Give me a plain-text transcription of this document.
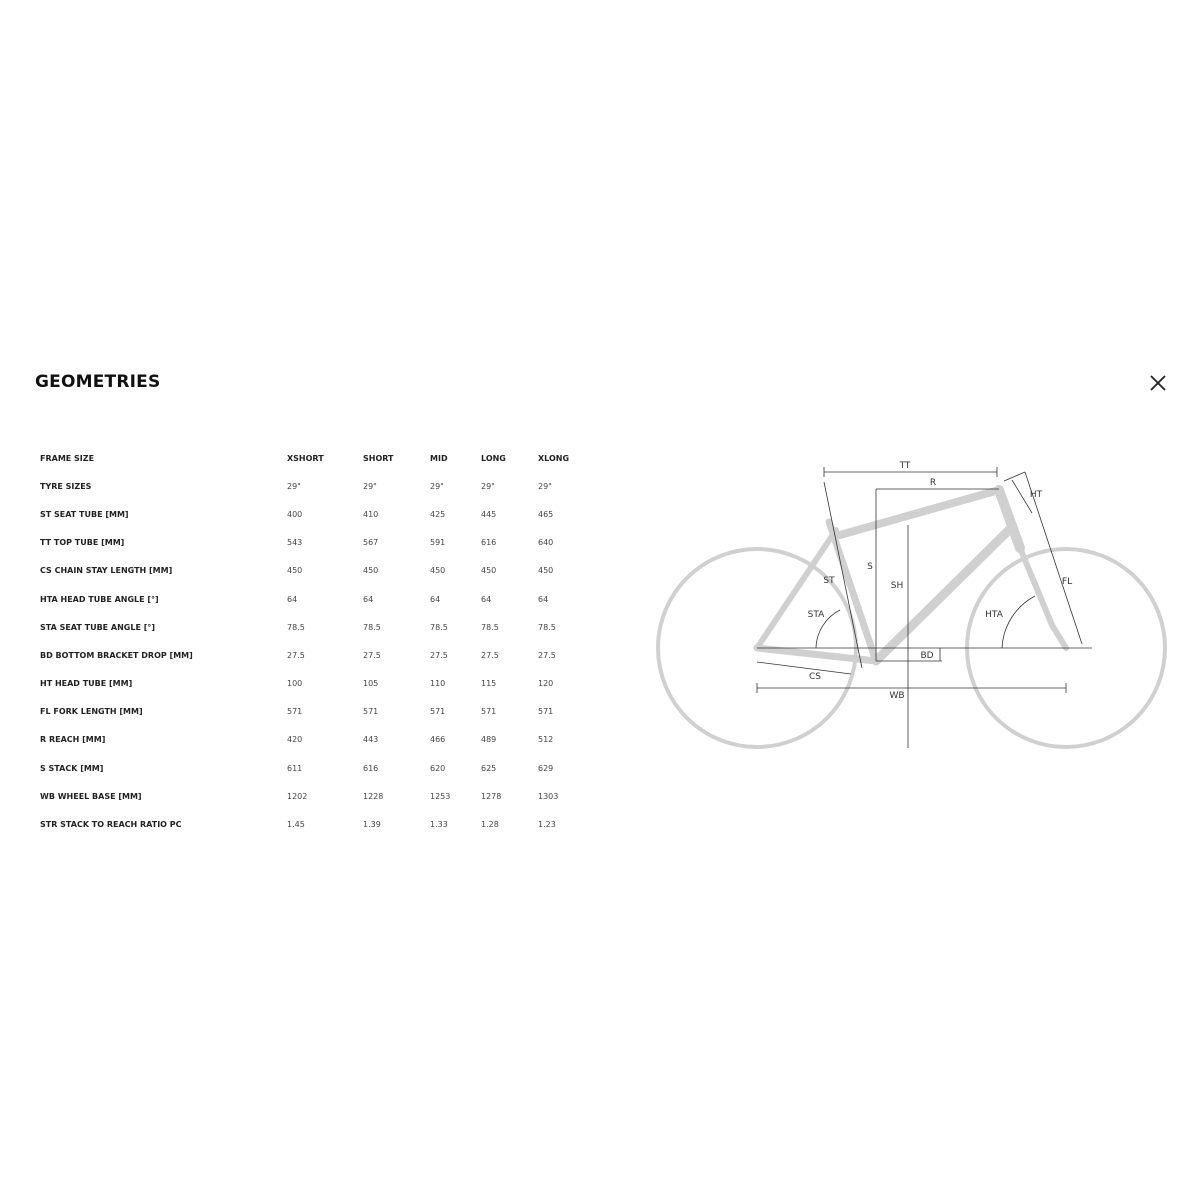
GEOMETRIES
FRAME SIZE	XSHORT	SHORT	MID	LONG	XLONG
TYRE SIZES	29"	29"	29"	29"	29"
ST SEAT TUBE [MM]	400	410	425	445	465
TT TOP TUBE [MM]	543	567	591	616	640
CS CHAIN STAY LENGTH [MM]	450	450	450	450	450
HTA HEAD TUBE ANGLE [°]	64	64	64	64	64
STA SEAT TUBE ANGLE [°]	78.5	78.5	78.5	78.5	78.5
BD BOTTOM BRACKET DROP [MM]	27.5	27.5	27.5	27.5	27.5
HT HEAD TUBE [MM]	100	105	110	115	120
FL FORK LENGTH [MM]	571	571	571	571	571
R REACH [MM]	420	443	466	489	512
S STACK [MM]	611	616	620	625	629
WB WHEEL BASE [MM]	1202	1228	1253	1278	1303
STR STACK TO REACH RATIO PC	1.45	1.39	1.33	1.28	1.23
TT
R
HT
S
SH
ST
STA
FL
HTA
BD
CS
WB
